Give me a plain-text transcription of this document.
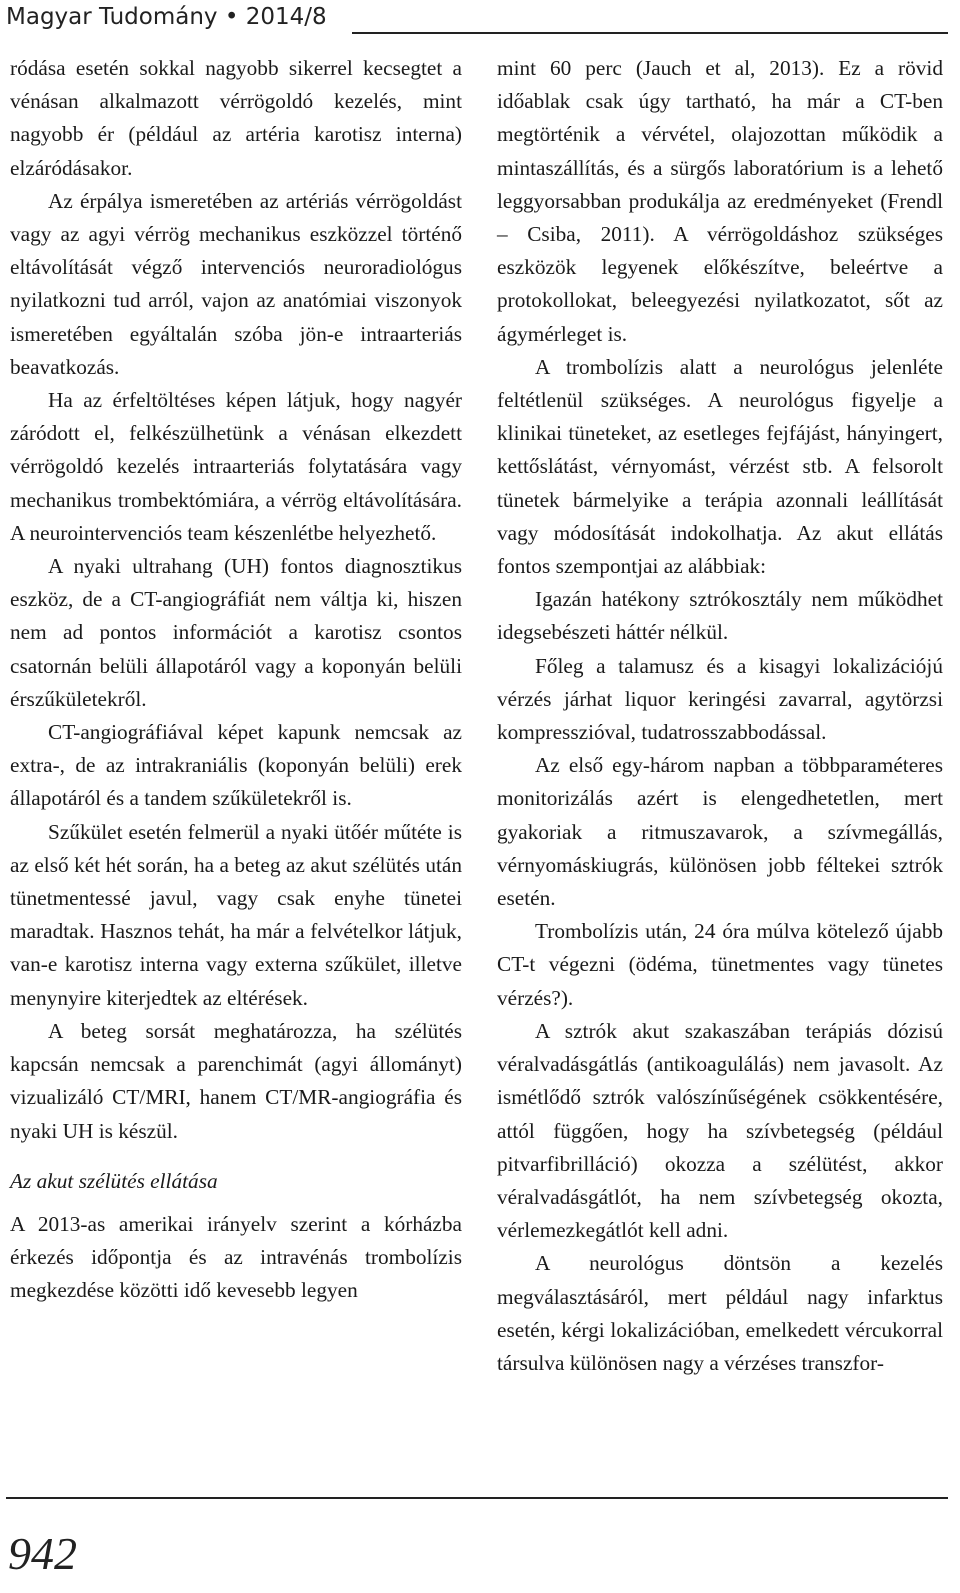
Magyar Tudomány • 2014/8

ródása esetén sokkal nagyobb sikerrel kecsegtet a vénásan alkalmazott vérrögoldó kezelés, mint nagyobb ér (például az artéria karotisz interna) elzáródásakor.

Az érpálya ismeretében az artériás vérrögoldást vagy az agyi vérrög mechanikus eszközzel történő eltávolítását végző intervenciós neuroradiológus nyilatkozni tud arról, vajon az anatómiai viszonyok ismeretében egyáltalán szóba jön-e intraarteriás beavatkozás.

Ha az érfeltöltéses képen látjuk, hogy nagyér záródott el, felkészülhetünk a vénásan elkezdett vérrögoldó kezelés intraarteriás folytatására vagy mechanikus trombektómiára, a vérrög eltávolítására. A neurointervenciós team készenlétbe helyezhető.

A nyaki ultrahang (UH) fontos diagnosztikus eszköz, de a CT-angiográfiát nem váltja ki, hiszen nem ad pontos információt a karotisz csontos csatornán belüli állapotáról vagy a koponyán belüli érszűkületekről.

CT-angiográfiával képet kapunk nemcsak az extra-, de az intrakraniális (koponyán belüli) erek állapotáról és a tandem szűkületekről is.

Szűkület esetén felmerül a nyaki ütőér műtéte is az első két hét során, ha a beteg az akut szélütés után tünetmentessé javul, vagy csak enyhe tünetei maradtak. Hasznos tehát, ha már a felvételkor látjuk, van-e karotisz interna vagy externa szűkület, illetve menynyire kiterjedtek az eltérések.

A beteg sorsát meghatározza, ha szélütés kapcsán nemcsak a parenchimát (agyi állományt) vizualizáló CT/MRI, hanem CT/MR-angiográfia és nyaki UH is készül.

Az akut szélütés ellátása

A 2013-as amerikai irányelv szerint a kórházba érkezés időpontja és az intravénás trombolízis megkezdése közötti idő kevesebb legyen

mint 60 perc (Jauch et al, 2013). Ez a rövid időablak csak úgy tartható, ha már a CT-ben megtörténik a vérvétel, olajozottan működik a mintaszállítás, és a sürgős laboratórium is a lehető leggyorsabban produkálja az eredményeket (Frendl – Csiba, 2011). A vérrögoldáshoz szükséges eszközök legyenek előkészítve, beleértve a protokollokat, beleegyezési nyilatkozatot, sőt az ágymérleget is.

A trombolízis alatt a neurológus jelenléte feltétlenül szükséges. A neurológus figyelje a klinikai tüneteket, az esetleges fejfájást, hányingert, kettőslátást, vérnyomást, vérzést stb. A felsorolt tünetek bármelyike a terápia azonnali leállítását vagy módosítását indokolhatja. Az akut ellátás fontos szempontjai az alábbiak:

Igazán hatékony sztrókosztály nem működhet idegsebészeti háttér nélkül.

Főleg a talamusz és a kisagyi lokalizációjú vérzés járhat liquor keringési zavarral, agytörzsi kompresszióval, tudatrosszabbodással.

Az első egy-három napban a többparaméteres monitorizálás azért is elengedhetetlen, mert gyakoriak a ritmuszavarok, a szívmegállás, vérnyomáskiugrás, különösen jobb féltekei sztrók esetén.

Trombolízis után, 24 óra múlva kötelező újabb CT-t végezni (ödéma, tünetmentes vagy tünetes vérzés?).

A sztrók akut szakaszában terápiás dózisú véralvadásgátlás (antikoagulálás) nem javasolt. Az ismétlődő sztrók valószínűségének csökkentésére, attól függően, hogy ha szívbetegség (például pitvarfibrilláció) okozza a szélütést, akkor véralvadásgátlót, ha nem szívbetegség okozta, vérlemezkegátlót kell adni.

A neurológus döntsön a kezelés megválasztásáról, mert például nagy infarktus esetén, kérgi lokalizációban, emelkedett vércukorral társulva különösen nagy a vérzéses transzfor-

942
